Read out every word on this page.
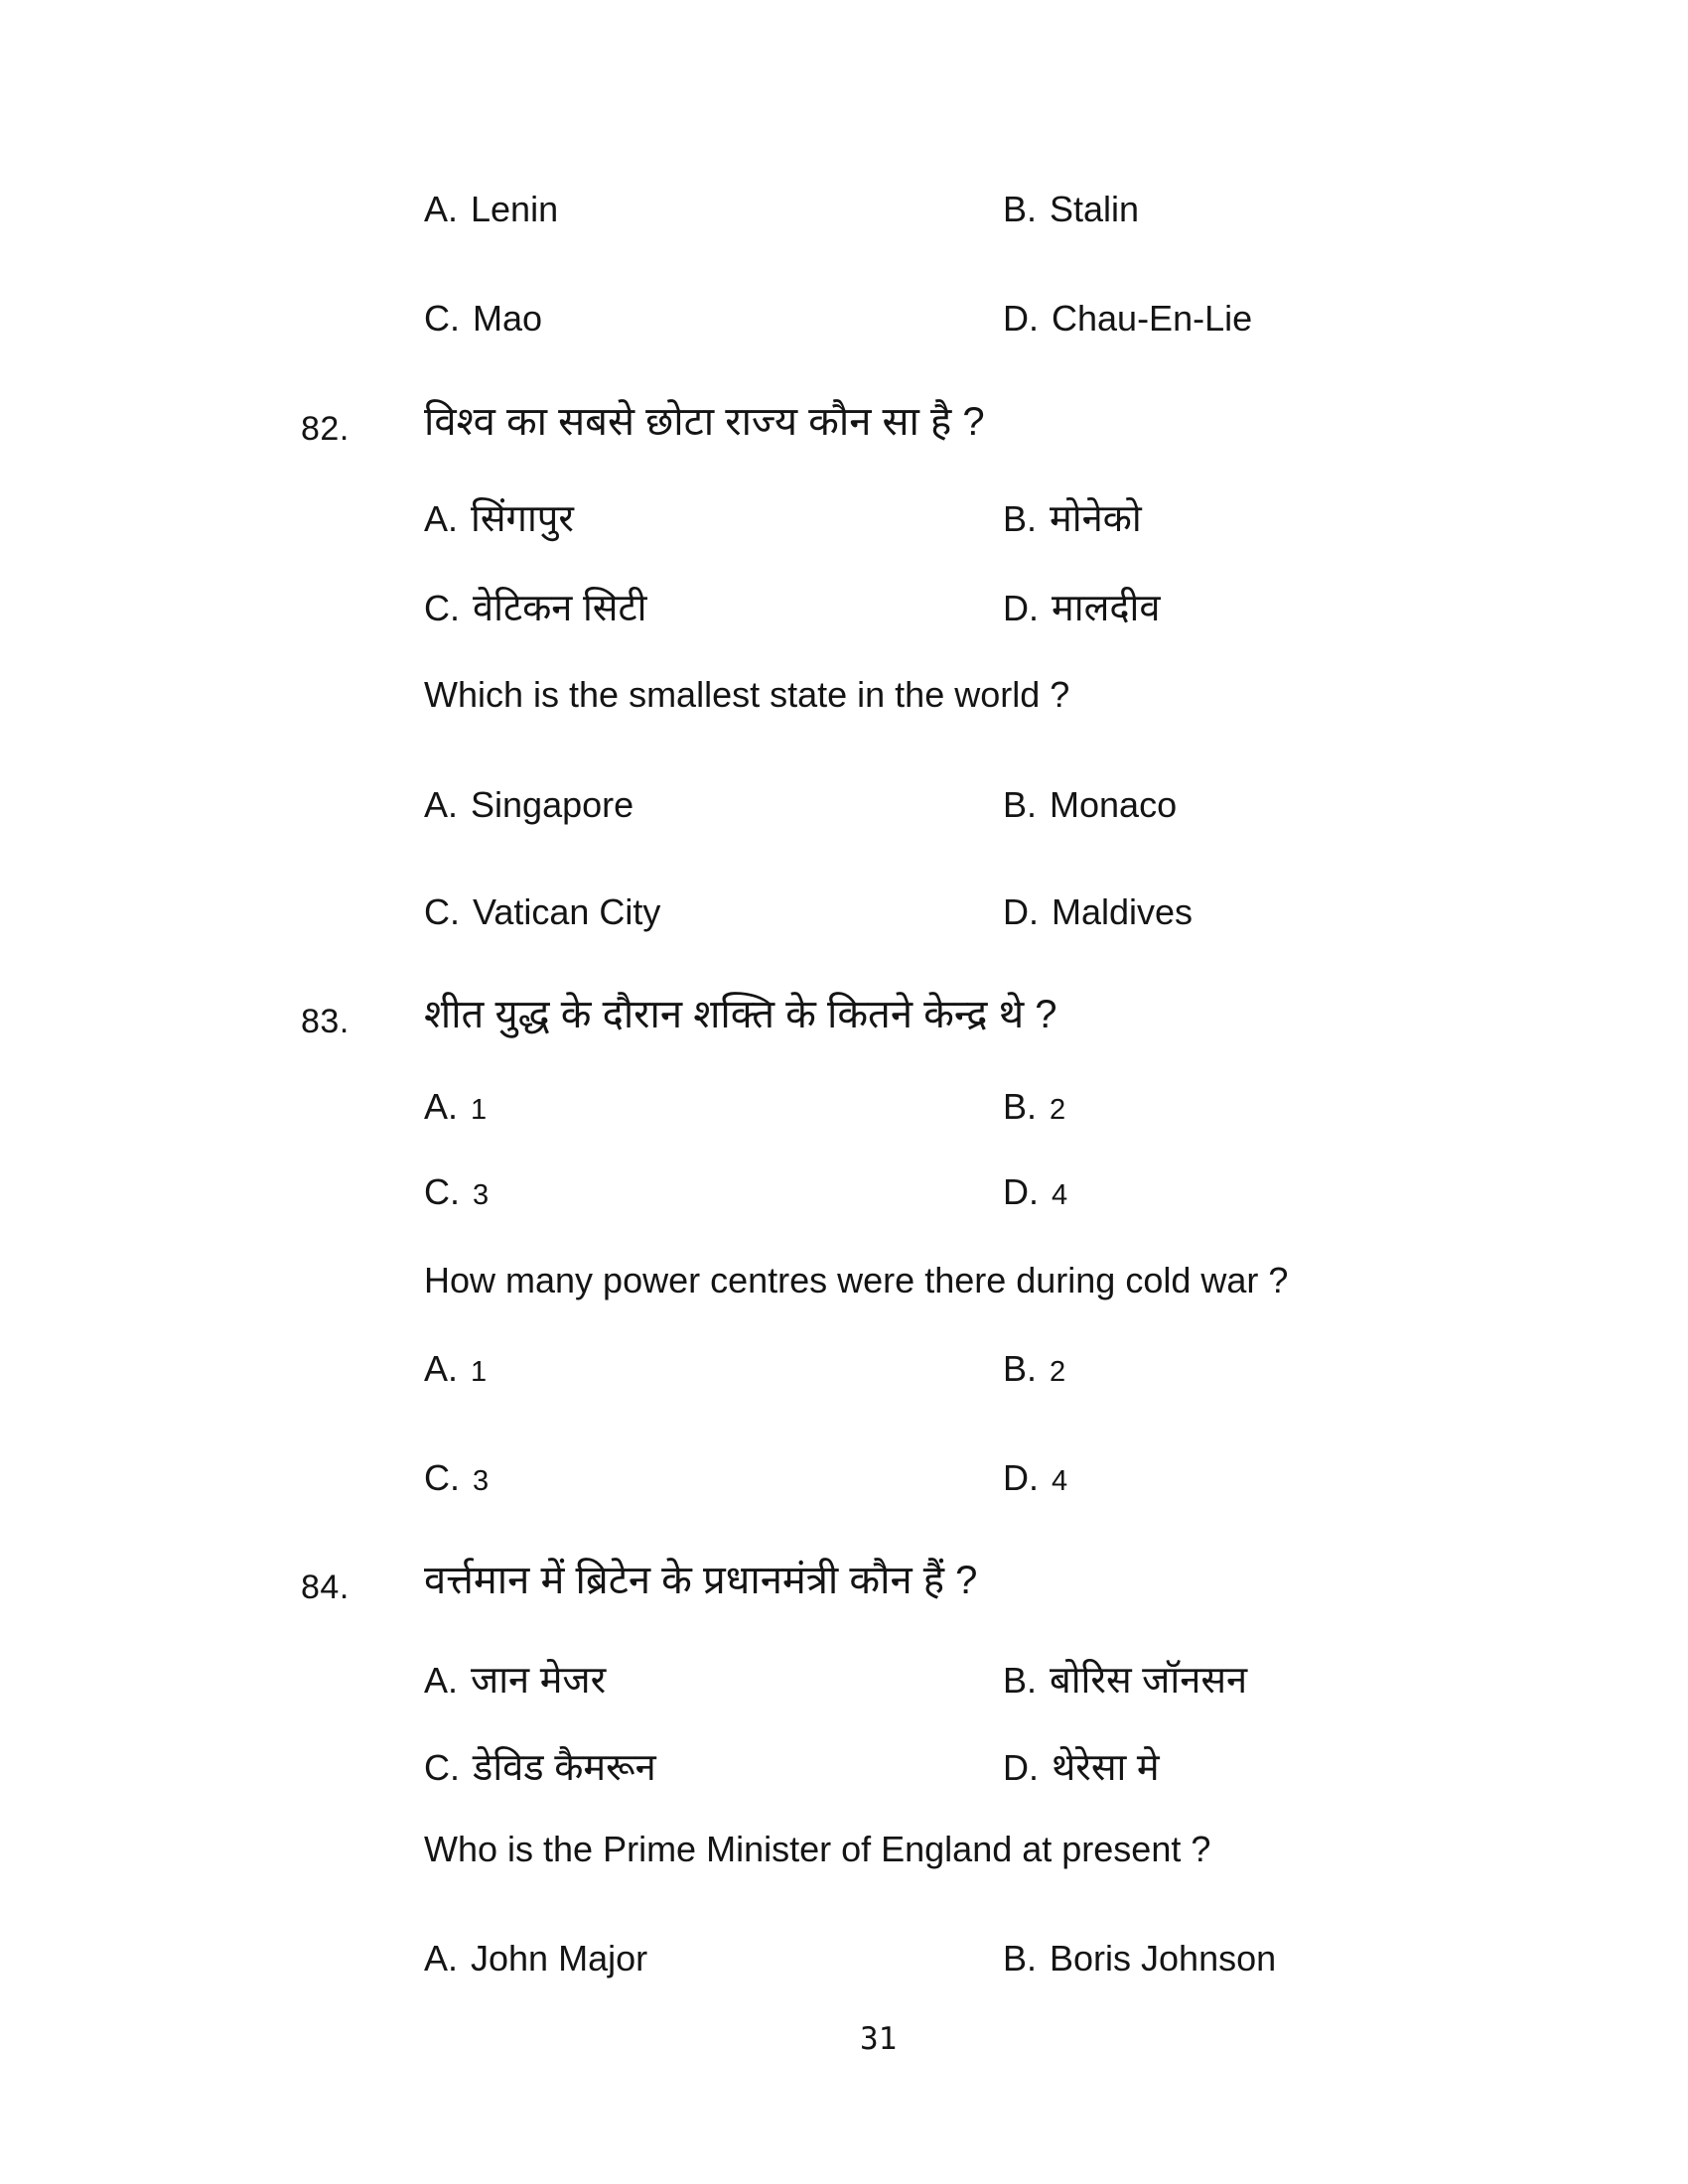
A. Lenin	B. Stalin
C. Mao	D. Chau-En-Lie
82. विश्व का सबसे छोटा राज्य कौन सा है ?
A. सिंगापुर	B. मोनेको
C. वेटिकन सिटी	D. मालदीव
Which is the smallest state in the world ?
A. Singapore	B. Monaco
C. Vatican City	D. Maldives
83. शीत युद्ध के दौरान शक्ति के कितने केन्द्र थे ?
A. 1	B. 2
C. 3	D. 4
How many power centres were there during cold war ?
A. 1	B. 2
C. 3	D. 4
84. वर्त्तमान में ब्रिटेन के प्रधानमंत्री कौन हैं ?
A. जान मेजर	B. बोरिस जॉनसन
C. डेविड कैमरून	D. थेरेसा मे
Who is the Prime Minister of England at present ?
A. John Major	B. Boris Johnson
31
